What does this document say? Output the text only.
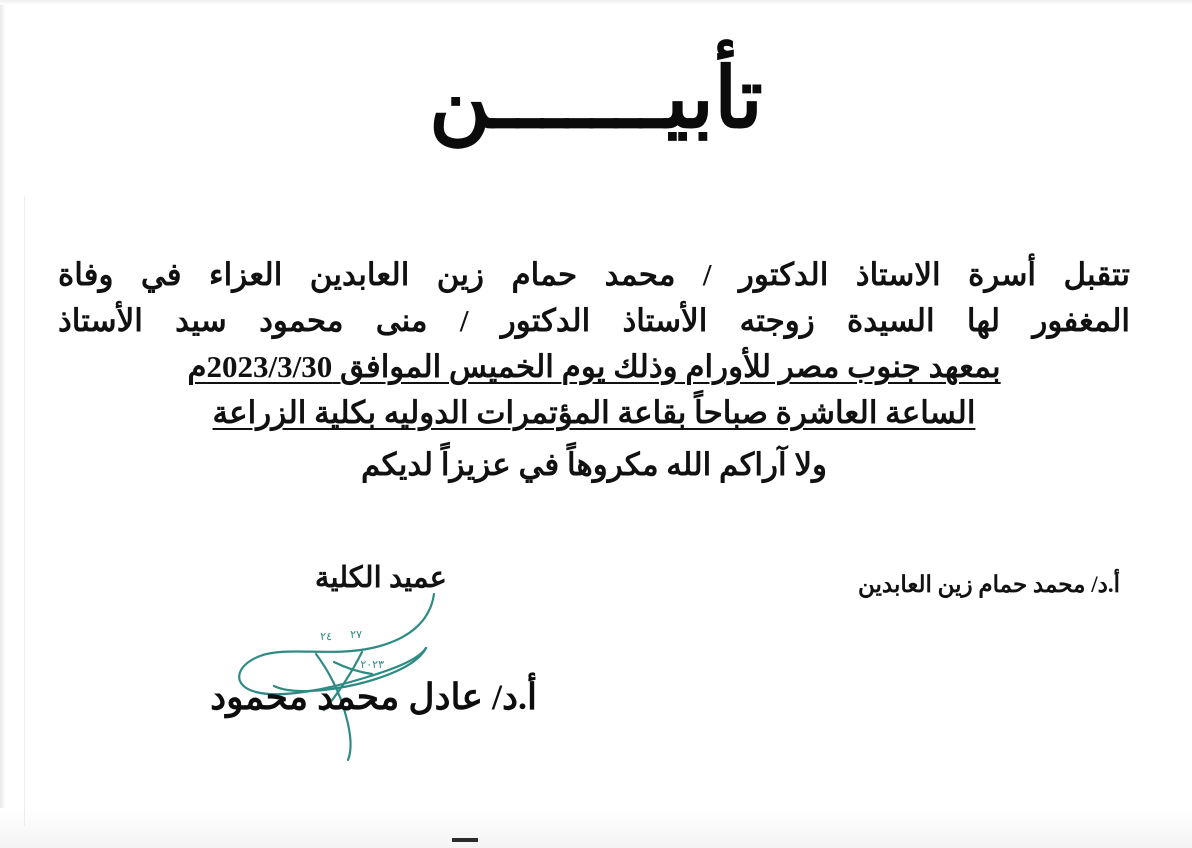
تأبيـــــــن
تتقبل أسرة الاستاذ الدكتور / محمد حمام زين العابدين العزاء في وفاة
المغفور لها السيدة زوجته الأستاذ الدكتور / منى محمود سيد الأستاذ
بمعهد جنوب مصر للأورام وذلك يوم الخميس الموافق 2023/3/30م
الساعة العاشرة صباحاً بقاعة المؤتمرات الدوليه بكلية الزراعة
ولا آراكم الله مكروهاً في عزيزاً لديكم
أ.د/ محمد حمام زين العابدين
عميد الكلية
٢٤ ٢٧
٢٠٢٣
أ.د/ عادل محمد محمود
